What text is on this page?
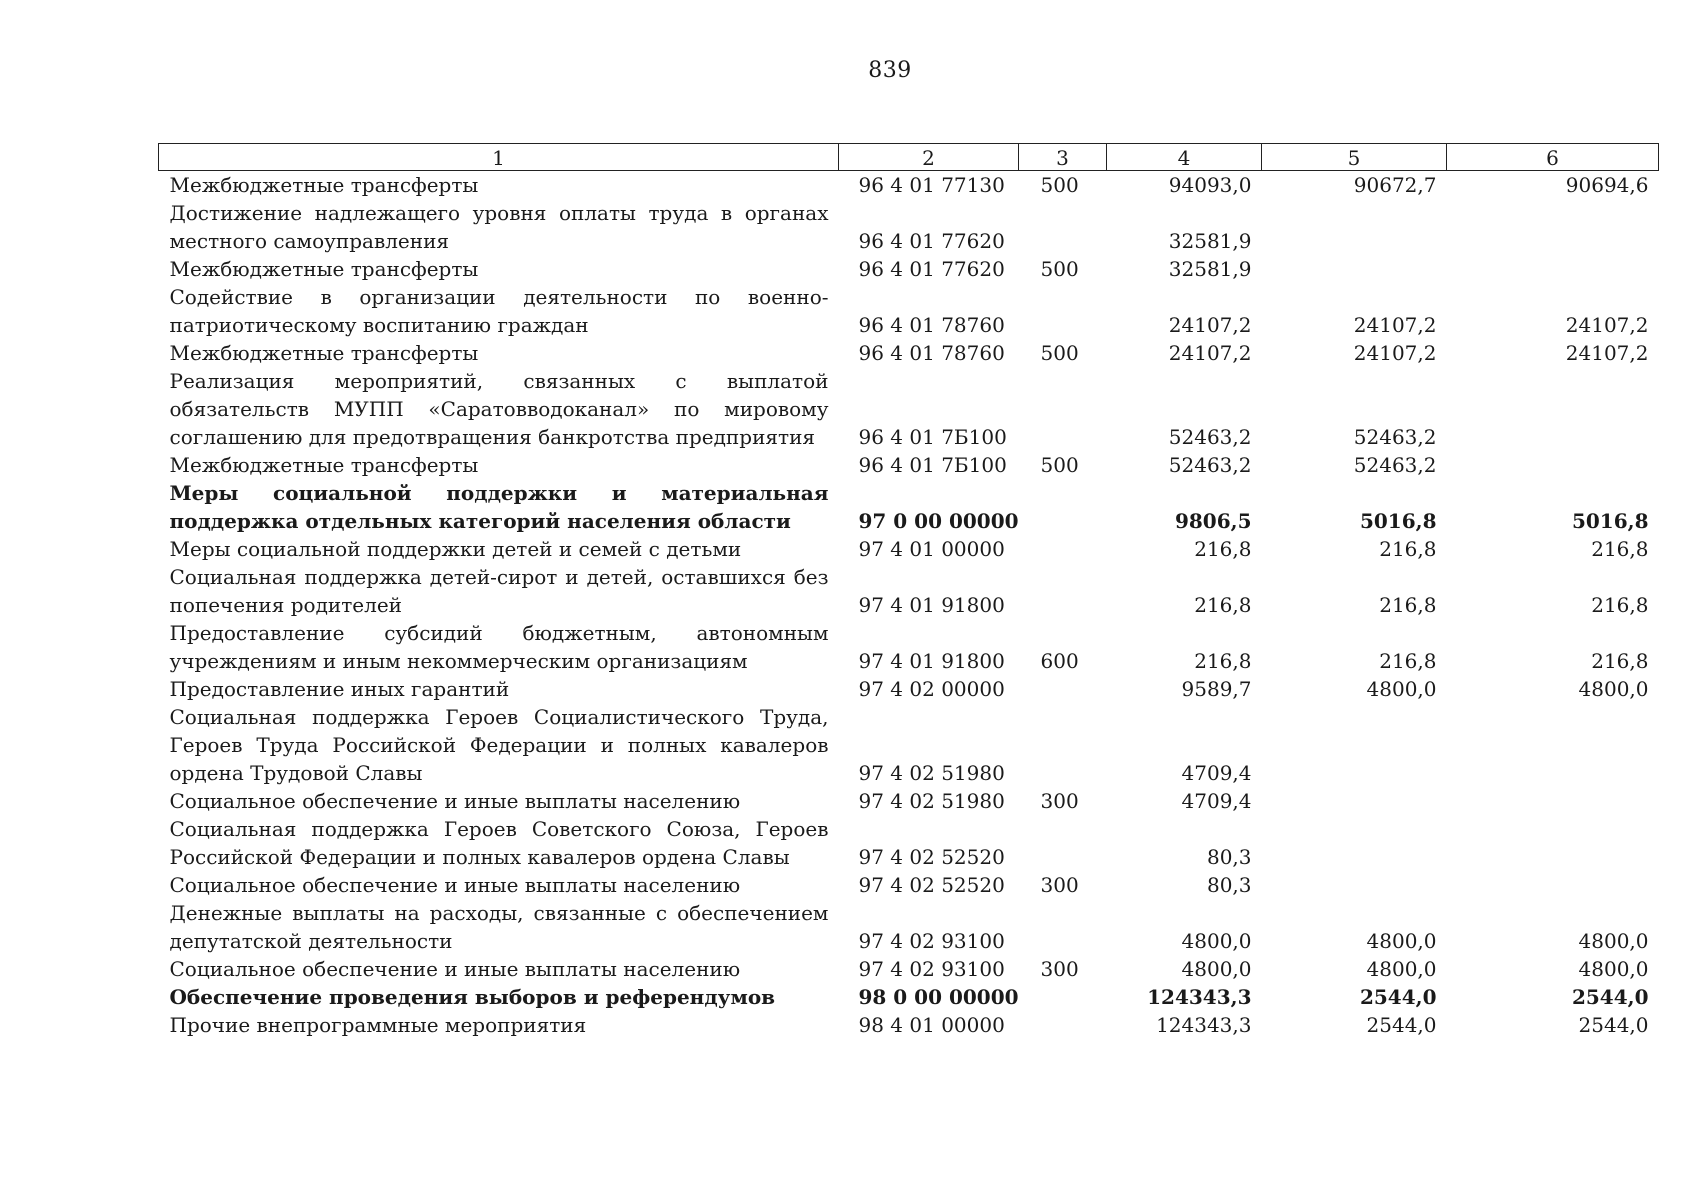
839
1	2	3	4	5	6
Межбюджетные трансферты	96 4 01 77130	500	94093,0	90672,7	90694,6
Достижение надлежащего уровня оплаты труда в органах местного самоуправления	96 4 01 77620		32581,9		
Межбюджетные трансферты	96 4 01 77620	500	32581,9		
Содействие в организации деятельности по военно-патриотическому воспитанию граждан	96 4 01 78760		24107,2	24107,2	24107,2
Межбюджетные трансферты	96 4 01 78760	500	24107,2	24107,2	24107,2
Реализация мероприятий, связанных с выплатой обязательств МУПП «Саратовводоканал» по мировому соглашению для предотвращения банкротства предприятия	96 4 01 7Б100		52463,2	52463,2	
Межбюджетные трансферты	96 4 01 7Б100	500	52463,2	52463,2	
Меры социальной поддержки и материальная поддержка отдельных категорий населения области	97 0 00 00000		9806,5	5016,8	5016,8
Меры социальной поддержки детей и семей с детьми	97 4 01 00000		216,8	216,8	216,8
Социальная поддержка детей-сирот и детей, оставшихся без попечения родителей	97 4 01 91800		216,8	216,8	216,8
Предоставление субсидий бюджетным, автономным учреждениям и иным некоммерческим организациям	97 4 01 91800	600	216,8	216,8	216,8
Предоставление иных гарантий	97 4 02 00000		9589,7	4800,0	4800,0
Социальная поддержка Героев Социалистического Труда, Героев Труда Российской Федерации и полных кавалеров ордена Трудовой Славы	97 4 02 51980		4709,4		
Социальное обеспечение и иные выплаты населению	97 4 02 51980	300	4709,4		
Социальная поддержка Героев Советского Союза, Героев Российской Федерации и полных кавалеров ордена Славы	97 4 02 52520		80,3		
Социальное обеспечение и иные выплаты населению	97 4 02 52520	300	80,3		
Денежные выплаты на расходы, связанные с обеспечением депутатской деятельности	97 4 02 93100		4800,0	4800,0	4800,0
Социальное обеспечение и иные выплаты населению	97 4 02 93100	300	4800,0	4800,0	4800,0
Обеспечение проведения выборов и референдумов	98 0 00 00000		124343,3	2544,0	2544,0
Прочие внепрограммные мероприятия	98 4 01 00000		124343,3	2544,0	2544,0
